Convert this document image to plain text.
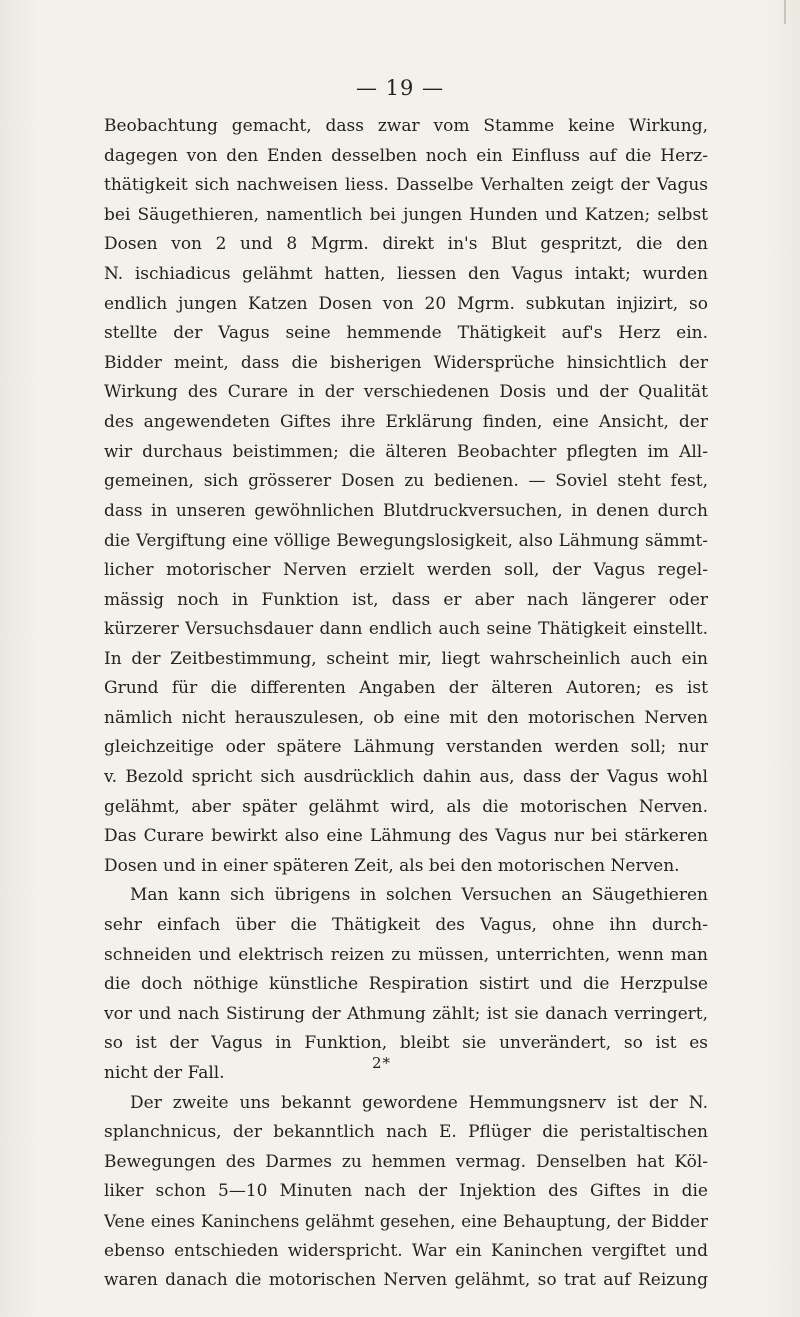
— 19 —
Beobachtung gemacht, dass zwar vom Stamme keine Wirkung,
dagegen von den Enden desselben noch ein Einfluss auf die Herz-
thätigkeit sich nachweisen liess. Dasselbe Verhalten zeigt der Vagus
bei Säugethieren, namentlich bei jungen Hunden und Katzen; selbst
Dosen von 2 und 8 Mgrm. direkt in's Blut gespritzt, die den
N. ischiadicus gelähmt hatten, liessen den Vagus intakt; wurden
endlich jungen Katzen Dosen von 20 Mgrm. subkutan injizirt, so
stellte der Vagus seine hemmende Thätigkeit auf's Herz ein.
Bidder meint, dass die bisherigen Widersprüche hinsichtlich der
Wirkung des Curare in der verschiedenen Dosis und der Qualität
des angewendeten Giftes ihre Erklärung finden, eine Ansicht, der
wir durchaus beistimmen; die älteren Beobachter pflegten im All-
gemeinen, sich grösserer Dosen zu bedienen. — Soviel steht fest,
dass in unseren gewöhnlichen Blutdruckversuchen, in denen durch
die Vergiftung eine völlige Bewegungslosigkeit, also Lähmung sämmt-
licher motorischer Nerven erzielt werden soll, der Vagus regel-
mässig noch in Funktion ist, dass er aber nach längerer oder
kürzerer Versuchsdauer dann endlich auch seine Thätigkeit einstellt.
In der Zeitbestimmung, scheint mir, liegt wahrscheinlich auch ein
Grund für die differenten Angaben der älteren Autoren; es ist
nämlich nicht herauszulesen, ob eine mit den motorischen Nerven
gleichzeitige oder spätere Lähmung verstanden werden soll; nur
v. Bezold spricht sich ausdrücklich dahin aus, dass der Vagus wohl
gelähmt, aber später gelähmt wird, als die motorischen Nerven.
Das Curare bewirkt also eine Lähmung des Vagus nur bei stärkeren
Dosen und in einer späteren Zeit, als bei den motorischen Nerven.
Man kann sich übrigens in solchen Versuchen an Säugethieren
sehr einfach über die Thätigkeit des Vagus, ohne ihn durch-
schneiden und elektrisch reizen zu müssen, unterrichten, wenn man
die doch nöthige künstliche Respiration sistirt und die Herzpulse
vor und nach Sistirung der Athmung zählt; ist sie danach verringert,
so ist der Vagus in Funktion, bleibt sie unverändert, so ist es
nicht der Fall.
Der zweite uns bekannt gewordene Hemmungsnerv ist der N.
splanchnicus, der bekanntlich nach E. Pflüger die peristaltischen
Bewegungen des Darmes zu hemmen vermag. Denselben hat Köl-
liker schon 5—10 Minuten nach der Injektion des Giftes in die
Vene eines Kaninchens gelähmt gesehen, eine Behauptung, der Bidder
ebenso entschieden widerspricht. War ein Kaninchen vergiftet und
waren danach die motorischen Nerven gelähmt, so trat auf Reizung
2*
